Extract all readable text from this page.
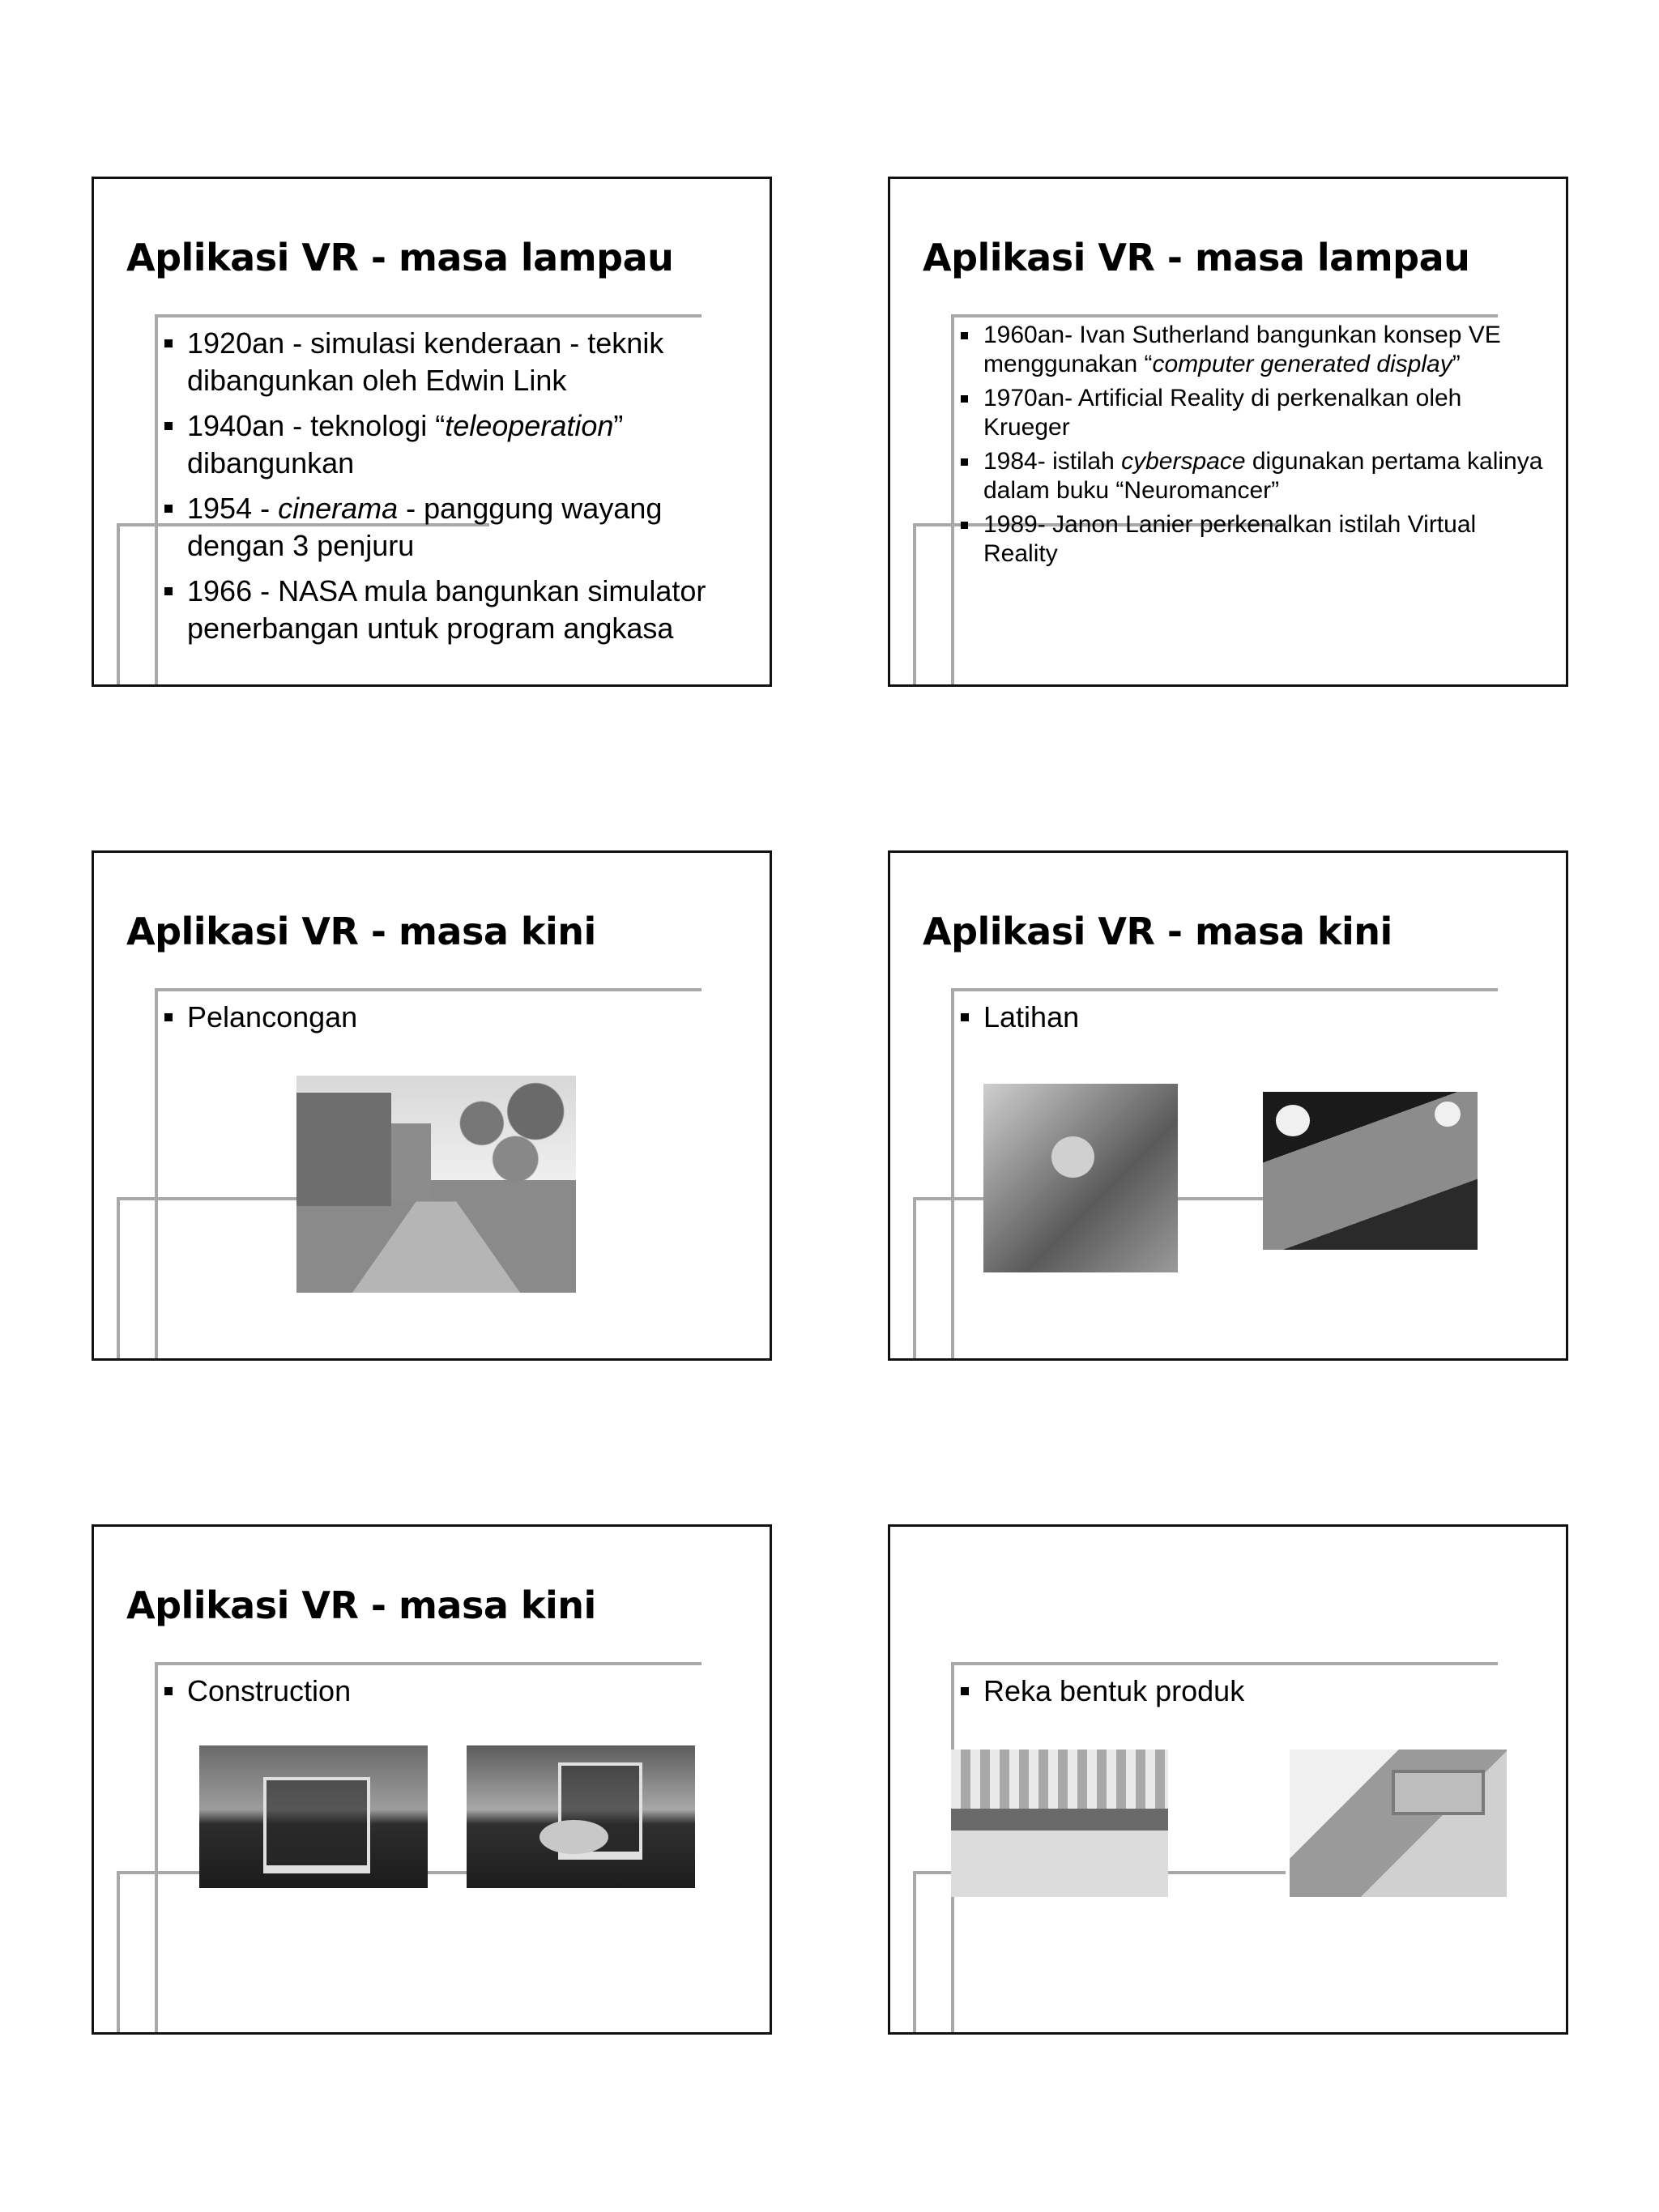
Aplikasi VR - masa lampau
1920an - simulasi kenderaan - teknik dibangunkan oleh Edwin Link
1940an - teknologi “teleoperation” dibangunkan
1954 - cinerama - panggung wayang dengan 3 penjuru
1966 - NASA mula bangunkan simulator penerbangan untuk program angkasa
Aplikasi VR - masa lampau
1960an- Ivan Sutherland bangunkan konsep VE menggunakan “computer generated display”
1970an- Artificial Reality di perkenalkan oleh Krueger
1984- istilah cyberspace digunakan pertama kalinya dalam buku “Neuromancer”
1989- Janon Lanier perkenalkan istilah Virtual Reality
Aplikasi VR - masa kini
Pelancongan
Aplikasi VR - masa kini
Latihan
Aplikasi VR - masa kini
Construction	Reka bentuk produk
